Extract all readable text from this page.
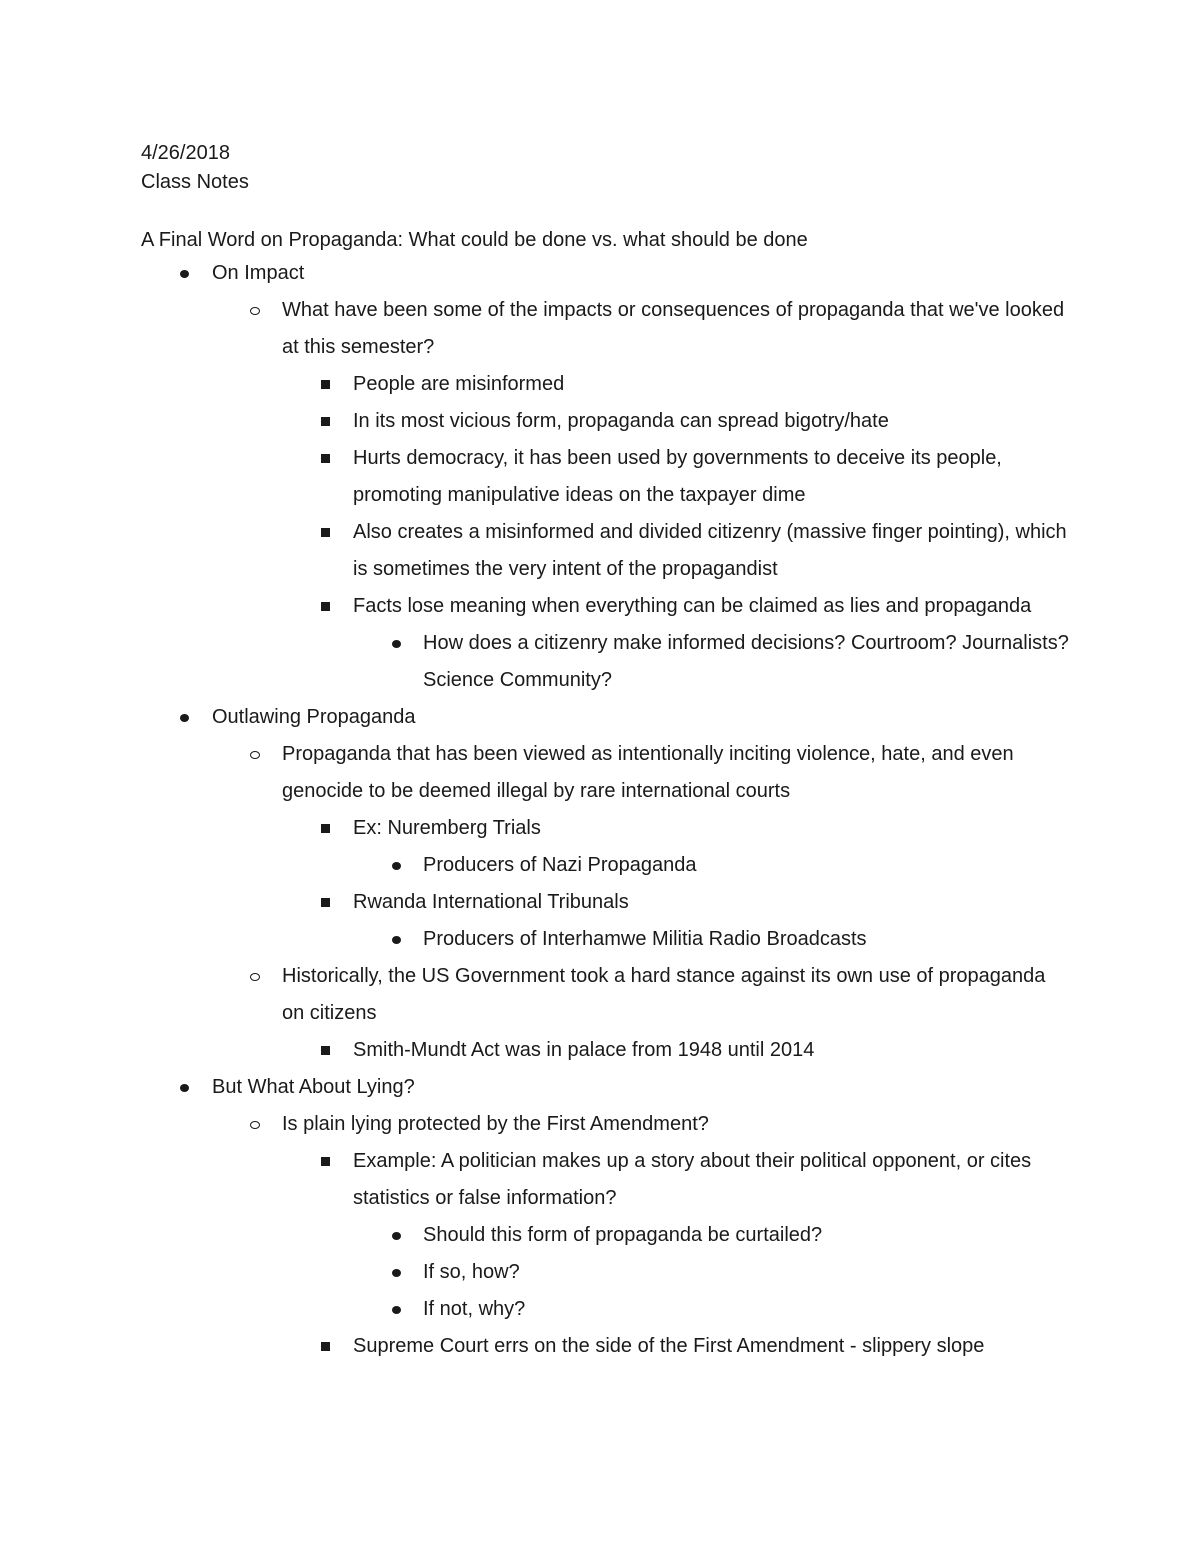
4/26/2018
Class Notes
A Final Word on Propaganda: What could be done vs. what should be done
On Impact
What have been some of the impacts or consequences of propaganda that we've looked at this semester?
People are misinformed
In its most vicious form, propaganda can spread bigotry/hate
Hurts democracy, it has been used by governments to deceive its people, promoting manipulative ideas on the taxpayer dime
Also creates a misinformed and divided citizenry (massive finger pointing), which is sometimes the very intent of the propagandist
Facts lose meaning when everything can be claimed as lies and propaganda
How does a citizenry make informed decisions? Courtroom? Journalists? Science Community?
Outlawing Propaganda
Propaganda that has been viewed as intentionally inciting violence, hate, and even genocide to be deemed illegal by rare international courts
Ex: Nuremberg Trials
Producers of Nazi Propaganda
Rwanda International Tribunals
Producers of Interhamwe Militia Radio Broadcasts
Historically, the US Government took a hard stance against its own use of propaganda on citizens
Smith-Mundt Act was in palace from 1948 until 2014
But What About Lying?
Is plain lying protected by the First Amendment?
Example: A politician makes up a story about their political opponent, or cites statistics or false information?
Should this form of propaganda be curtailed?
If so, how?
If not, why?
Supreme Court errs on the side of the First Amendment - slippery slope
